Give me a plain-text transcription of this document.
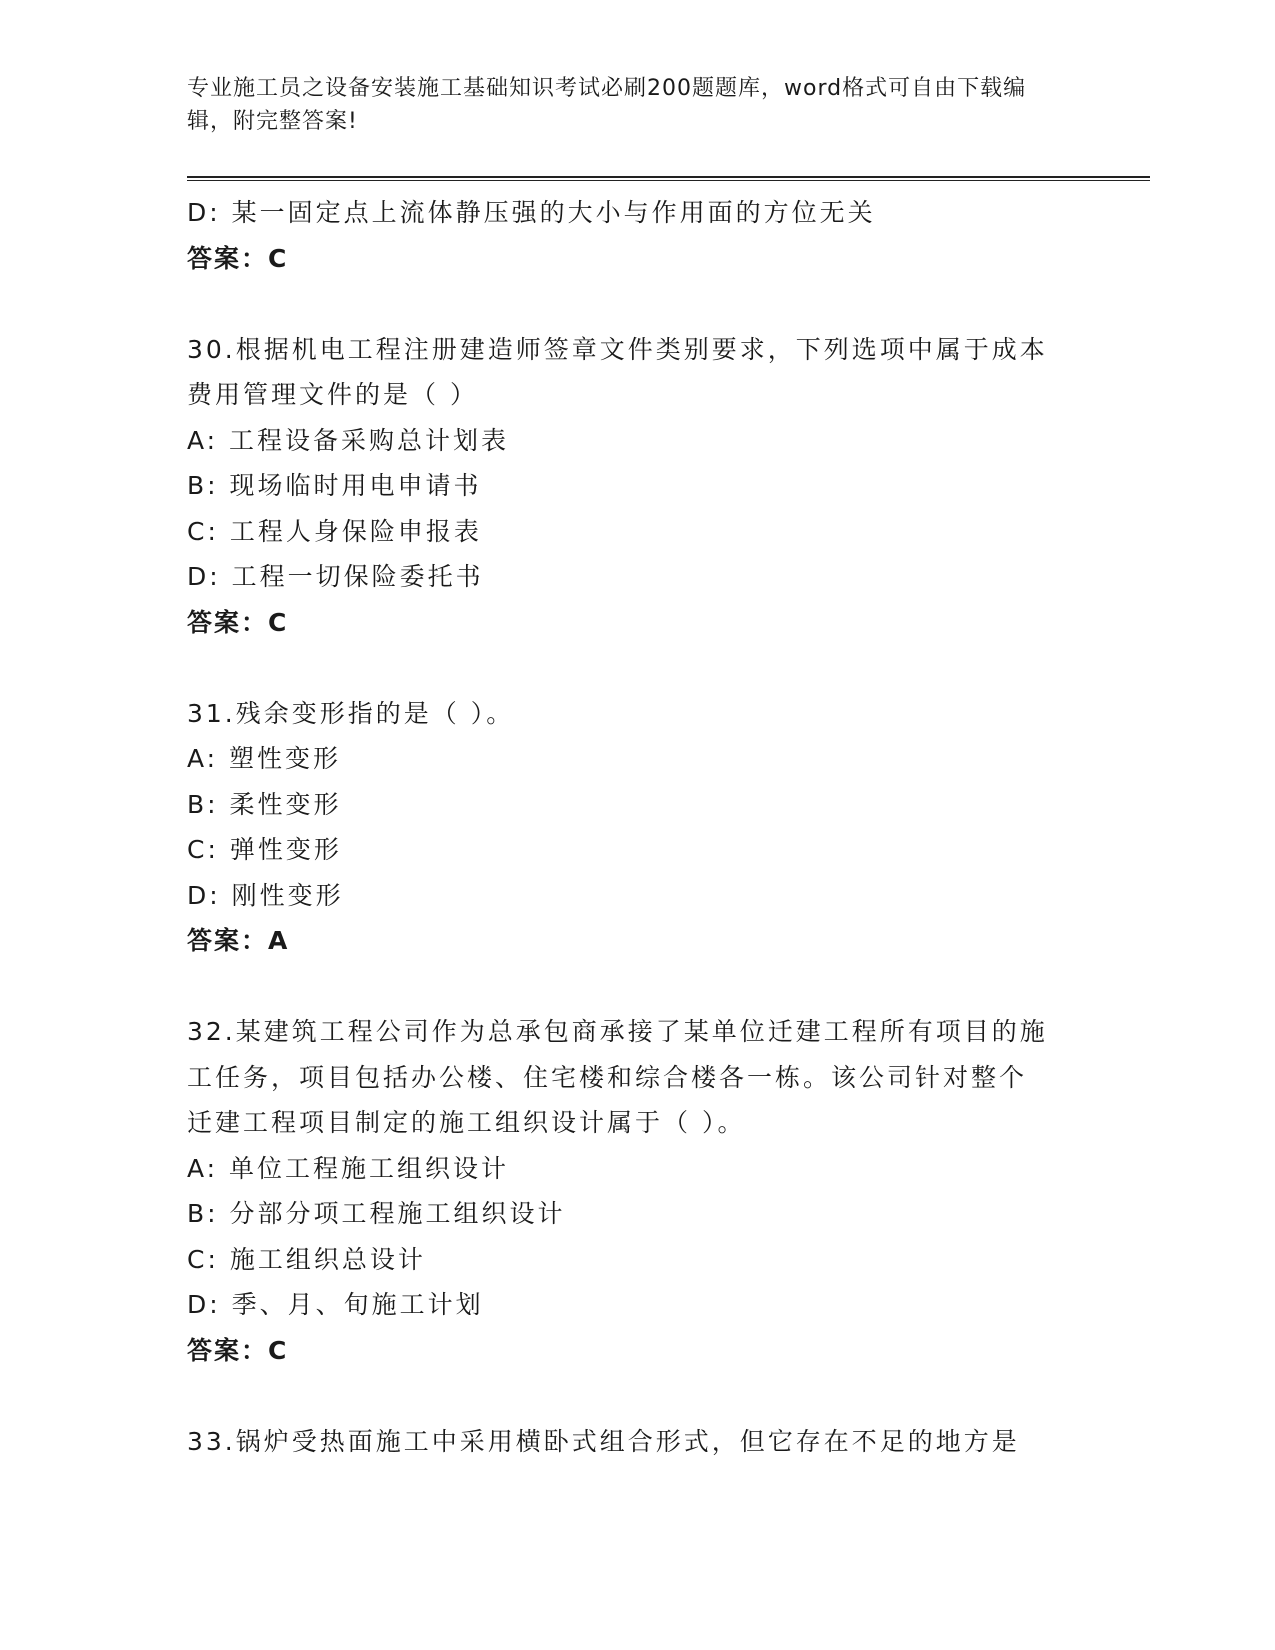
专业施工员之设备安装施工基础知识考试必刷200题题库，word格式可自由下载编辑，附完整答案!
D: 某一固定点上流体静压强的大小与作用面的方位无关
答案：C
30.根据机电工程注册建造师签章文件类别要求，下列选项中属于成本
费用管理文件的是（ ）
A: 工程设备采购总计划表
B: 现场临时用电申请书
C: 工程人身保险申报表
D: 工程一切保险委托书
答案：C
31.残余变形指的是（ ）。
A: 塑性变形
B: 柔性变形
C: 弹性变形
D: 刚性变形
答案：A
32.某建筑工程公司作为总承包商承接了某单位迁建工程所有项目的施
工任务，项目包括办公楼、住宅楼和综合楼各一栋。该公司针对整个
迁建工程项目制定的施工组织设计属于（ ）。
A: 单位工程施工组织设计
B: 分部分项工程施工组织设计
C: 施工组织总设计
D: 季、月、旬施工计划
答案：C
33.锅炉受热面施工中采用横卧式组合形式，但它存在不足的地方是
